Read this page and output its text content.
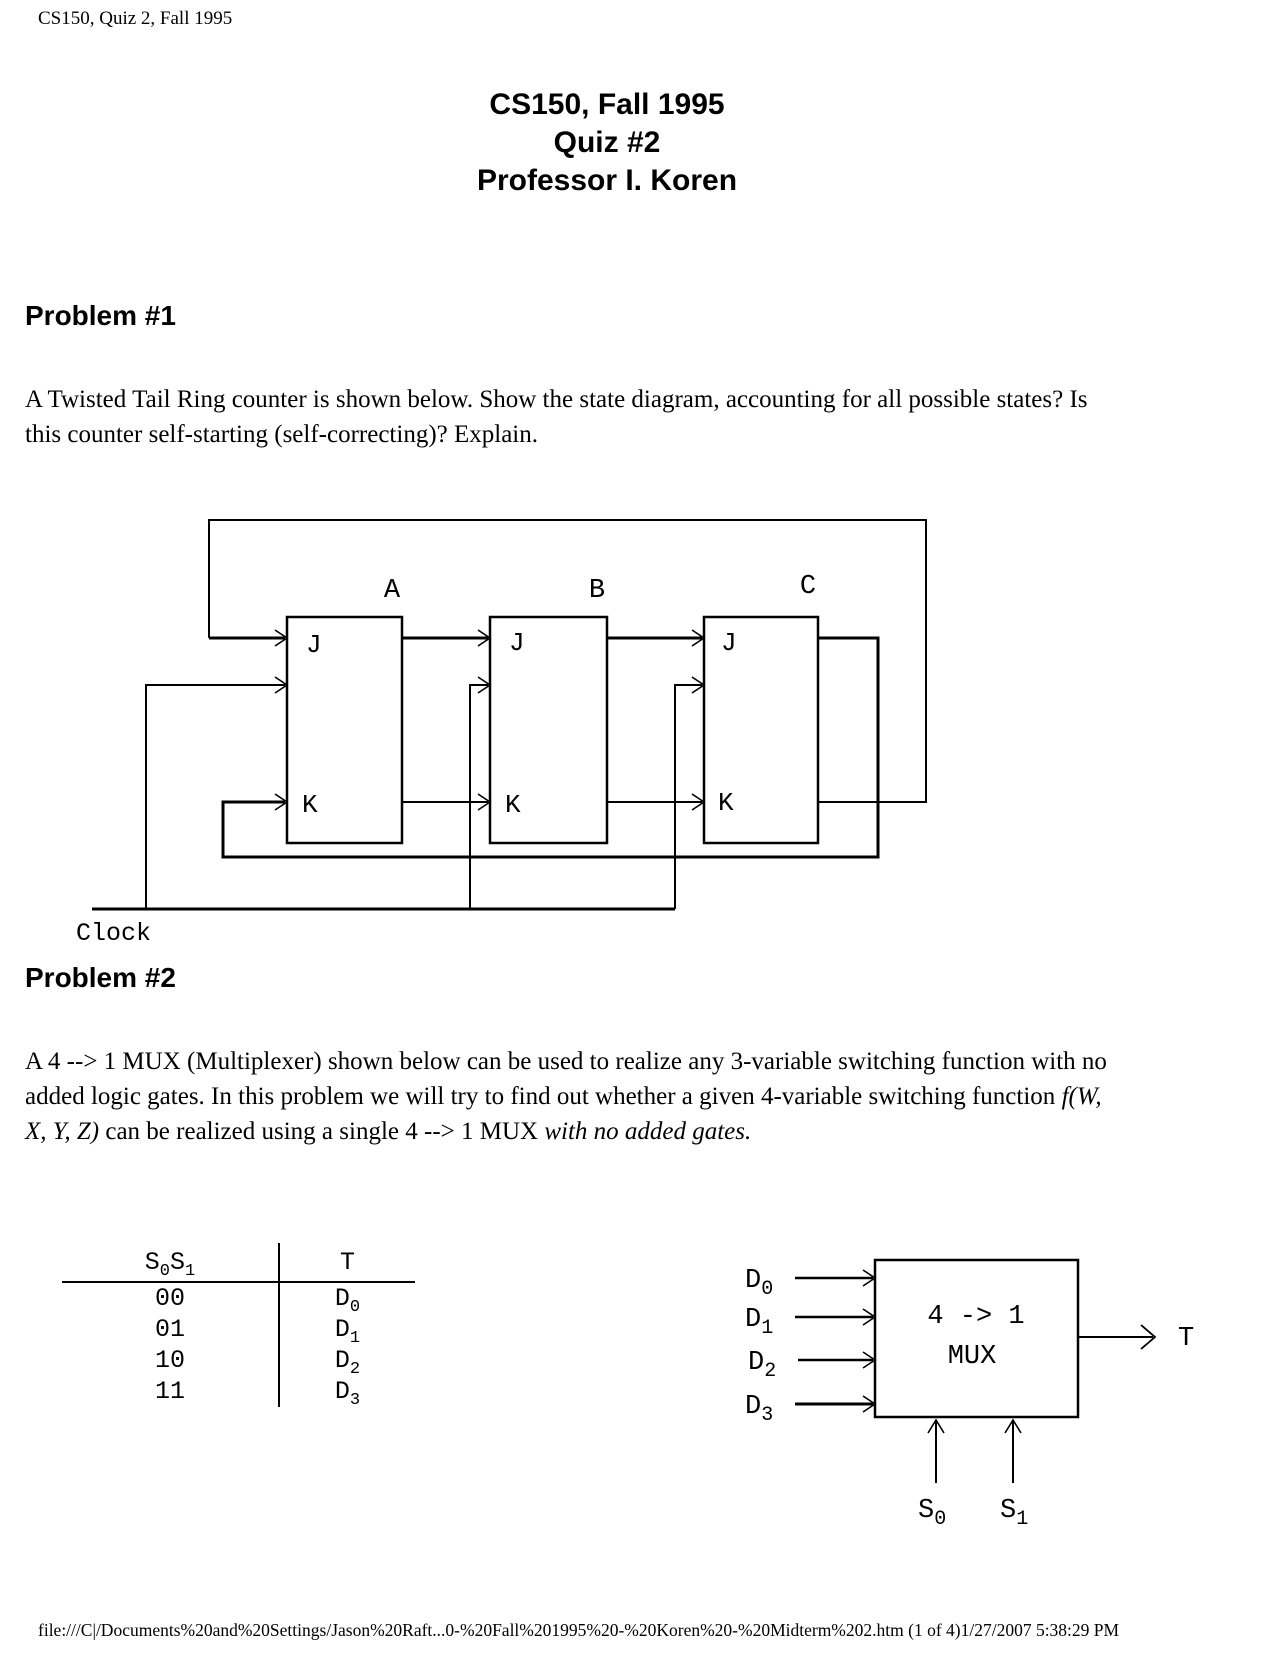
CS150, Quiz 2, Fall 1995
CS150, Fall 1995
Quiz #2
Professor I. Koren
Problem #1

A Twisted Tail Ring counter is shown below. Show the state diagram, accounting for all possible states? Is this counter self-starting (self-correcting)? Explain.

A	B	C
J	J	J
K	K	K
Clock
Problem #2

A 4 --> 1 MUX (Multiplexer) shown below can be used to realize any 3-variable switching function with no added logic gates. In this problem we will try to find out whether a given 4-variable switching function f(W, X, Y, Z) can be realized using a single 4 --> 1 MUX with no added gates.

$S_0S_1$	T
00	$D_0$
01	$D_1$
10	$D_2$
11	$D_3$
$D_0$
$D_1$
$D_2$
$D_3$
4 -> 1
MUX
T
$S_0$ $S_1$
file:///C|/Documents%20and%20Settings/Jason%20Raft...0-%20Fall%201995%20-%20Koren%20-%20Midterm%202.htm (1 of 4)1/27/2007 5:38:29 PM
